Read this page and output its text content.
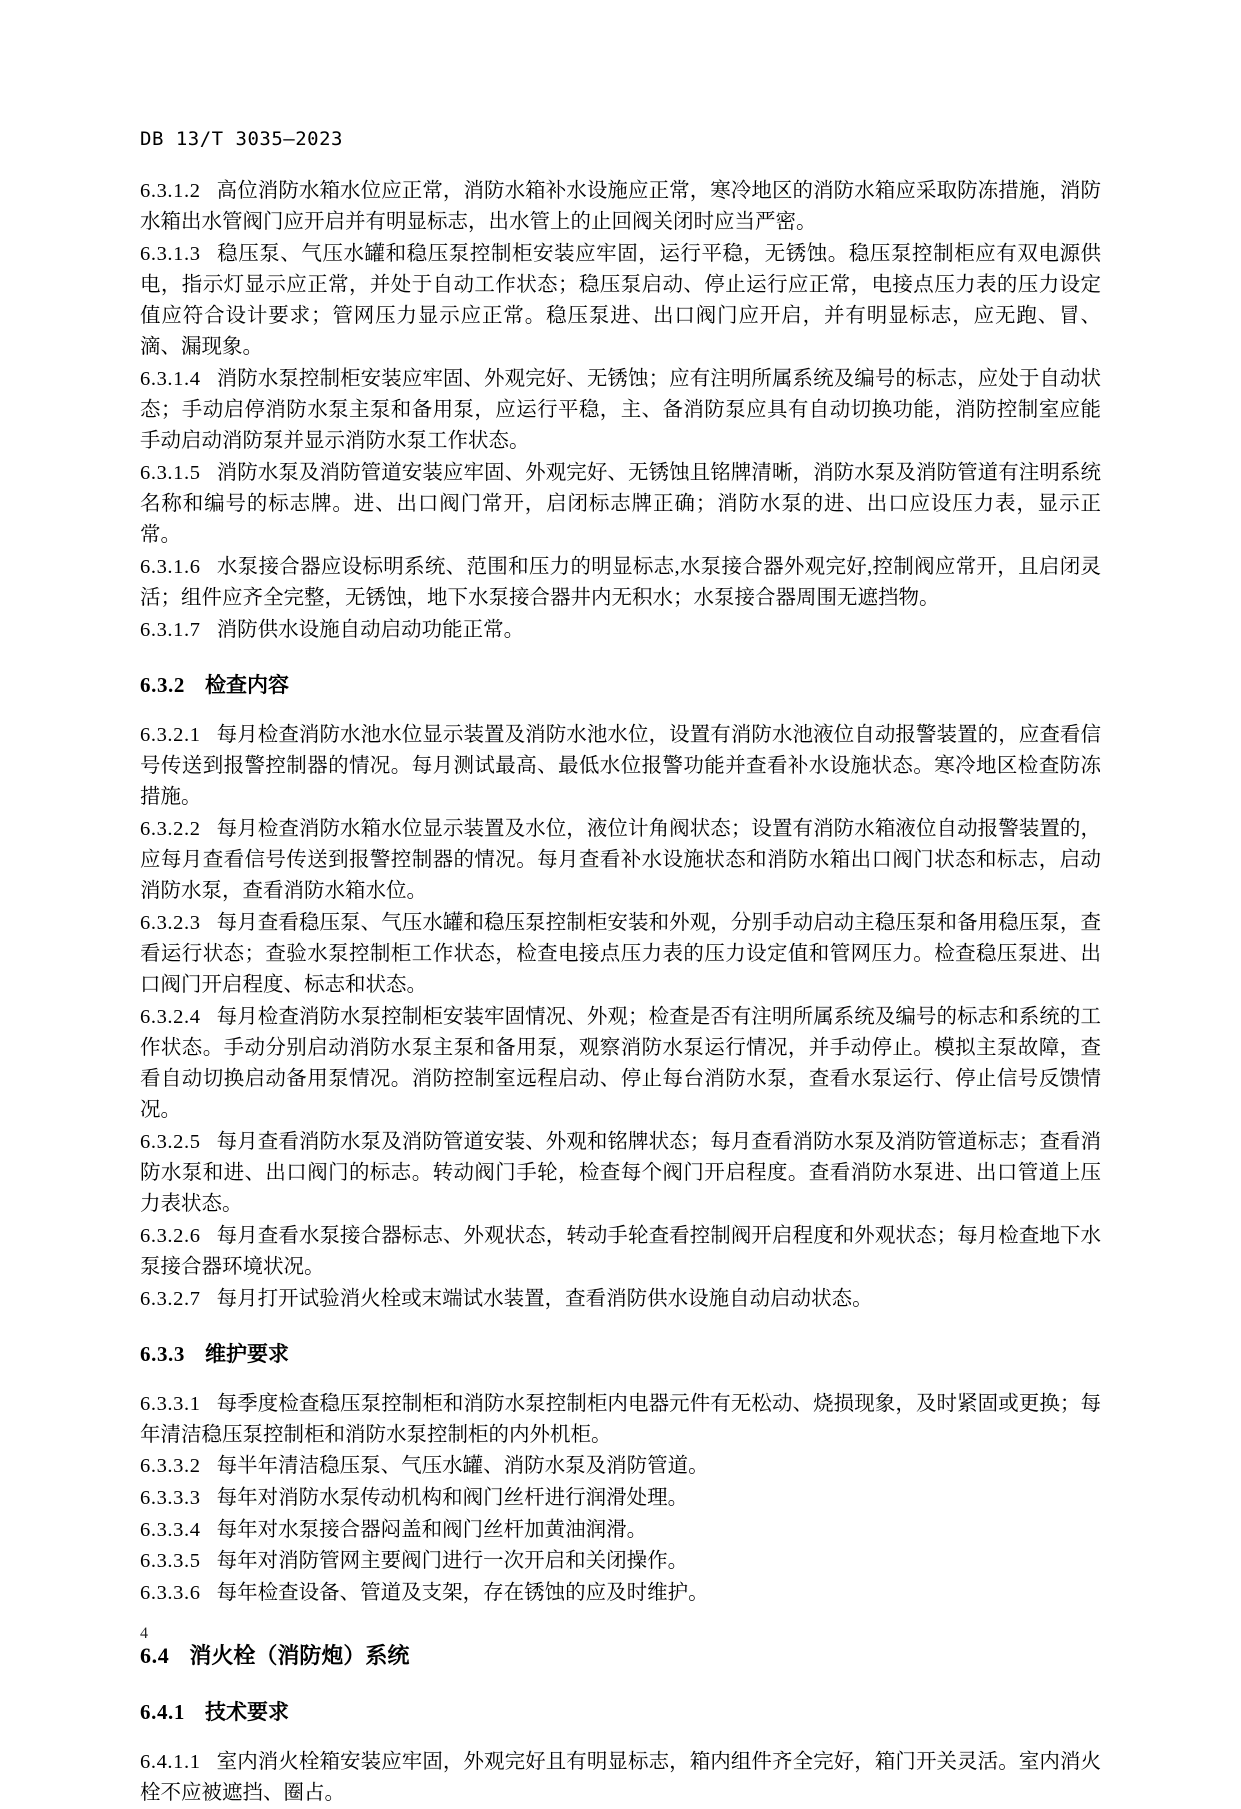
DB 13/T 3035—2023

6.3.1.2 高位消防水箱水位应正常，消防水箱补水设施应正常，寒冷地区的消防水箱应采取防冻措施，消防水箱出水管阀门应开启并有明显标志，出水管上的止回阀关闭时应当严密。

6.3.1.3 稳压泵、气压水罐和稳压泵控制柜安装应牢固，运行平稳，无锈蚀。稳压泵控制柜应有双电源供电，指示灯显示应正常，并处于自动工作状态；稳压泵启动、停止运行应正常，电接点压力表的压力设定值应符合设计要求；管网压力显示应正常。稳压泵进、出口阀门应开启，并有明显标志，应无跑、冒、滴、漏现象。

6.3.1.4 消防水泵控制柜安装应牢固、外观完好、无锈蚀；应有注明所属系统及编号的标志，应处于自动状态；手动启停消防水泵主泵和备用泵，应运行平稳，主、备消防泵应具有自动切换功能，消防控制室应能手动启动消防泵并显示消防水泵工作状态。

6.3.1.5 消防水泵及消防管道安装应牢固、外观完好、无锈蚀且铭牌清晰，消防水泵及消防管道有注明系统名称和编号的标志牌。进、出口阀门常开，启闭标志牌正确；消防水泵的进、出口应设压力表，显示正常。

6.3.1.6 水泵接合器应设标明系统、范围和压力的明显标志,水泵接合器外观完好,控制阀应常开，且启闭灵活；组件应齐全完整，无锈蚀，地下水泵接合器井内无积水；水泵接合器周围无遮挡物。

6.3.1.7 消防供水设施自动启动功能正常。

6.3.2 检查内容

6.3.2.1 每月检查消防水池水位显示装置及消防水池水位，设置有消防水池液位自动报警装置的，应查看信号传送到报警控制器的情况。每月测试最高、最低水位报警功能并查看补水设施状态。寒冷地区检查防冻措施。

6.3.2.2 每月检查消防水箱水位显示装置及水位，液位计角阀状态；设置有消防水箱液位自动报警装置的，应每月查看信号传送到报警控制器的情况。每月查看补水设施状态和消防水箱出口阀门状态和标志，启动消防水泵，查看消防水箱水位。

6.3.2.3 每月查看稳压泵、气压水罐和稳压泵控制柜安装和外观，分别手动启动主稳压泵和备用稳压泵，查看运行状态；查验水泵控制柜工作状态，检查电接点压力表的压力设定值和管网压力。检查稳压泵进、出口阀门开启程度、标志和状态。

6.3.2.4 每月检查消防水泵控制柜安装牢固情况、外观；检查是否有注明所属系统及编号的标志和系统的工作状态。手动分别启动消防水泵主泵和备用泵，观察消防水泵运行情况，并手动停止。模拟主泵故障，查看自动切换启动备用泵情况。消防控制室远程启动、停止每台消防水泵，查看水泵运行、停止信号反馈情况。

6.3.2.5 每月查看消防水泵及消防管道安装、外观和铭牌状态；每月查看消防水泵及消防管道标志；查看消防水泵和进、出口阀门的标志。转动阀门手轮，检查每个阀门开启程度。查看消防水泵进、出口管道上压力表状态。

6.3.2.6 每月查看水泵接合器标志、外观状态，转动手轮查看控制阀开启程度和外观状态；每月检查地下水泵接合器环境状况。

6.3.2.7 每月打开试验消火栓或末端试水装置，查看消防供水设施自动启动状态。

6.3.3 维护要求

6.3.3.1 每季度检查稳压泵控制柜和消防水泵控制柜内电器元件有无松动、烧损现象，及时紧固或更换；每年清洁稳压泵控制柜和消防水泵控制柜的内外机柜。

6.3.3.2 每半年清洁稳压泵、气压水罐、消防水泵及消防管道。

6.3.3.3 每年对消防水泵传动机构和阀门丝杆进行润滑处理。

6.3.3.4 每年对水泵接合器闷盖和阀门丝杆加黄油润滑。

6.3.3.5 每年对消防管网主要阀门进行一次开启和关闭操作。

6.3.3.6 每年检查设备、管道及支架，存在锈蚀的应及时维护。

6.4 消火栓（消防炮）系统
6.4.1 技术要求

6.4.1.1 室内消火栓箱安装应牢固，外观完好且有明显标志，箱内组件齐全完好，箱门开关灵活。室内消火栓不应被遮挡、圈占。

4
